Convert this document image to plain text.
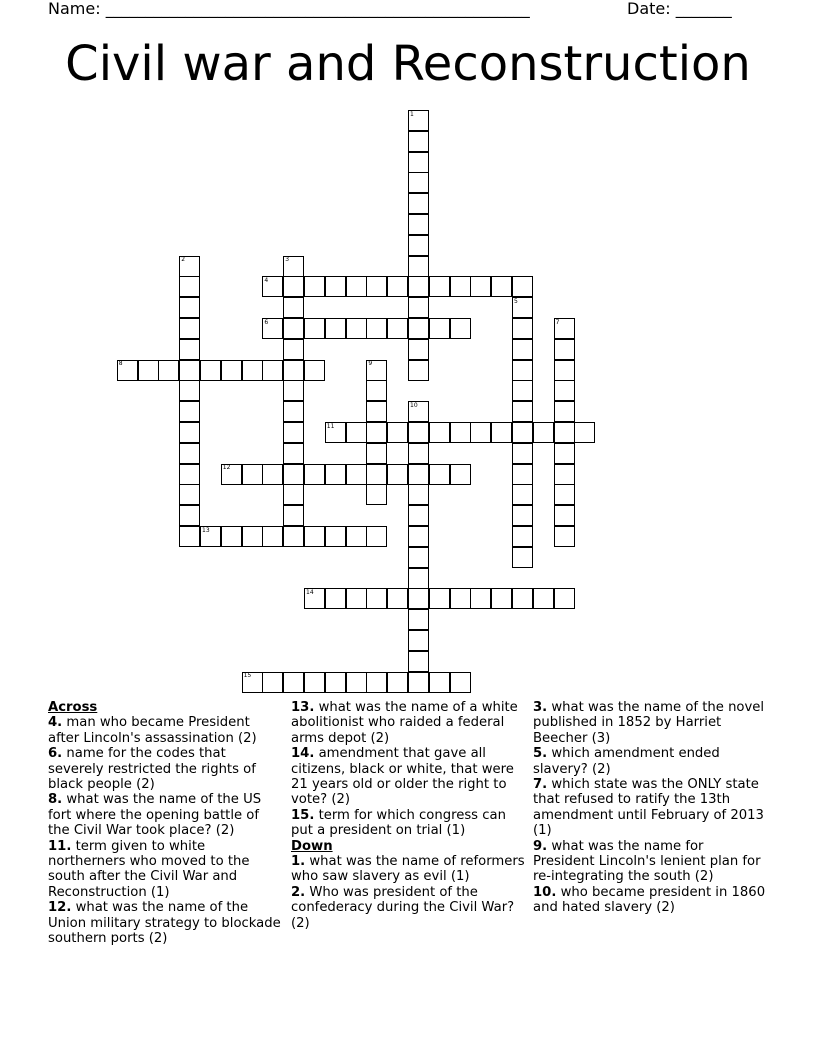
Name: _____________________________________________________	Date: _______
Civil war and Reconstruction
1
2	3
4
5
6	7
8	9
10
11
12
13
14
15
Across
4. man who became President after Lincoln's assassination (2)
6. name for the codes that severely restricted the rights of black people (2)
8. what was the name of the US fort where the opening battle of the Civil War took place? (2)
11. term given to white northerners who moved to the south after the Civil War and Reconstruction (1)
12. what was the name of the Union military strategy to blockade southern ports (2)
13. what was the name of a white abolitionist who raided a federal arms depot (2)
14. amendment that gave all citizens, black or white, that were 21 years old or older the right to vote? (2)
15. term for which congress can put a president on trial (1)
Down
1. what was the name of reformers who saw slavery as evil (1)
2. Who was president of the confederacy during the Civil War? (2)
3. what was the name of the novel published in 1852 by Harriet Beecher (3)
5. which amendment ended slavery? (2)
7. which state was the ONLY state that refused to ratify the 13th amendment until February of 2013 (1)
9. what was the name for President Lincoln's lenient plan for re-integrating the south (2)
10. who became president in 1860 and hated slavery (2)
